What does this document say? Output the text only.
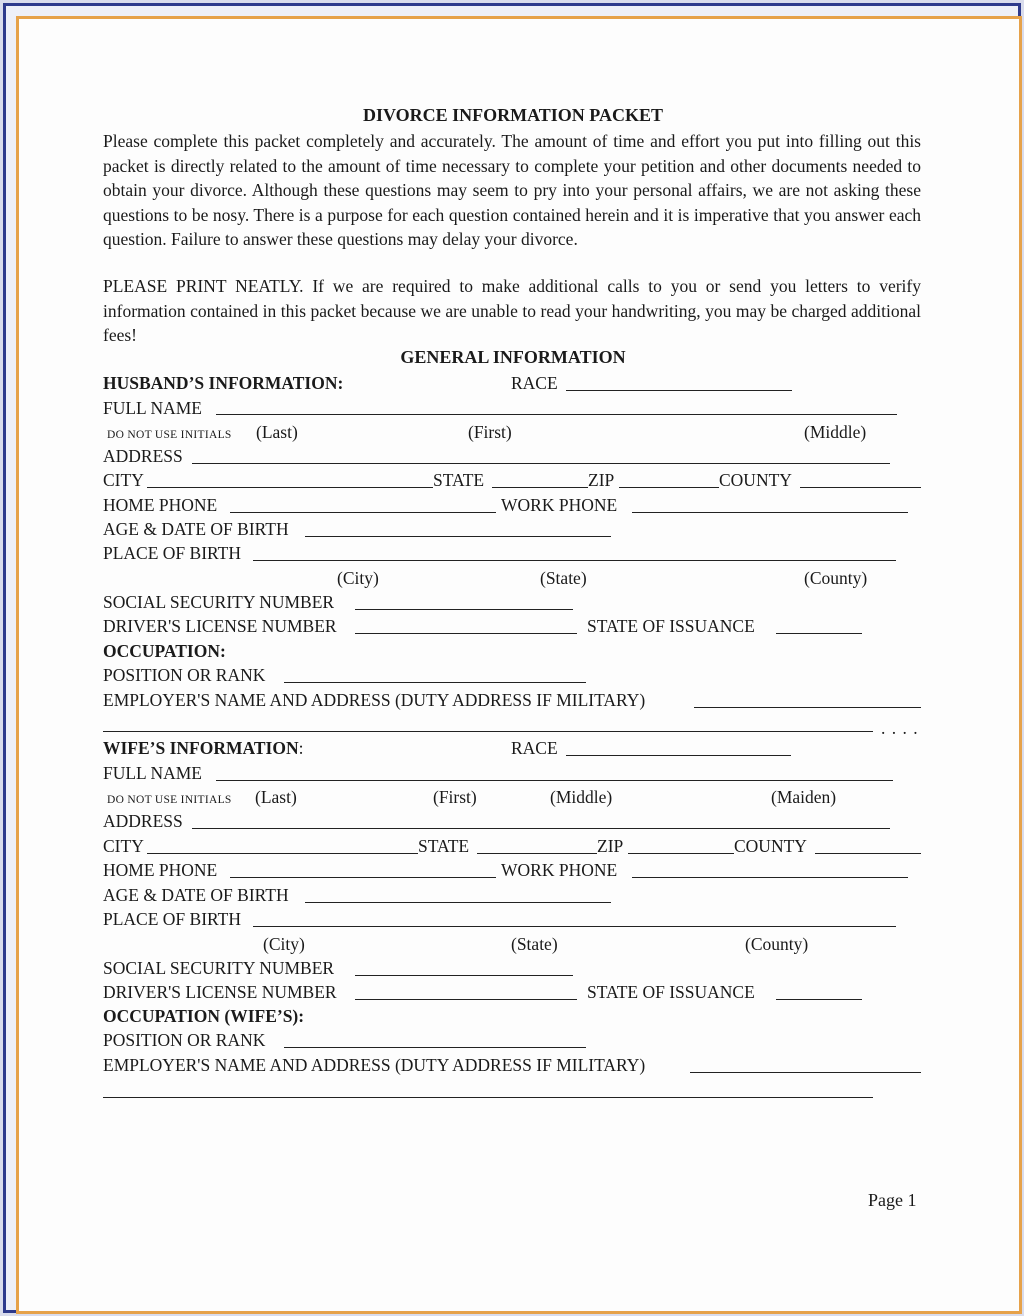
DIVORCE INFORMATION PACKET

Please complete this packet completely and accurately. The amount of time and effort you put into filling out this packet is directly related to the amount of time necessary to complete your petition and other documents needed to obtain your divorce. Although these questions may seem to pry into your personal affairs, we are not asking these questions to be nosy. There is a purpose for each question contained herein and it is imperative that you answer each question. Failure to answer these questions may delay your divorce.

PLEASE PRINT NEATLY. If we are required to make additional calls to you or send you letters to verify information contained in this packet because we are unable to read your handwriting, you may be charged additional fees!

GENERAL INFORMATION
HUSBAND’S INFORMATION:	RACE
FULL NAME
DO NOT USE INITIALS (Last)	(First)	(Middle)
ADDRESS
CITY	STATE	ZIP	COUNTY
HOME PHONE	WORK PHONE
AGE & DATE OF BIRTH
PLACE OF BIRTH
(City)	(State)	(County)
SOCIAL SECURITY NUMBER
DRIVER'S LICENSE NUMBER	STATE OF ISSUANCE
OCCUPATION:
POSITION OR RANK
EMPLOYER'S NAME AND ADDRESS (DUTY ADDRESS IF MILITARY)
. . . .
WIFE’S INFORMATION:	RACE
FULL NAME
DO NOT USE INITIALS (Last)	(First)	(Middle)	(Maiden)
ADDRESS
CITY	STATE	ZIP	COUNTY
HOME PHONE	WORK PHONE
AGE & DATE OF BIRTH
PLACE OF BIRTH
(City)	(State)	(County)
SOCIAL SECURITY NUMBER
DRIVER'S LICENSE NUMBER	STATE OF ISSUANCE
OCCUPATION (WIFE’S):
POSITION OR RANK
EMPLOYER'S NAME AND ADDRESS (DUTY ADDRESS IF MILITARY)
Page 1
